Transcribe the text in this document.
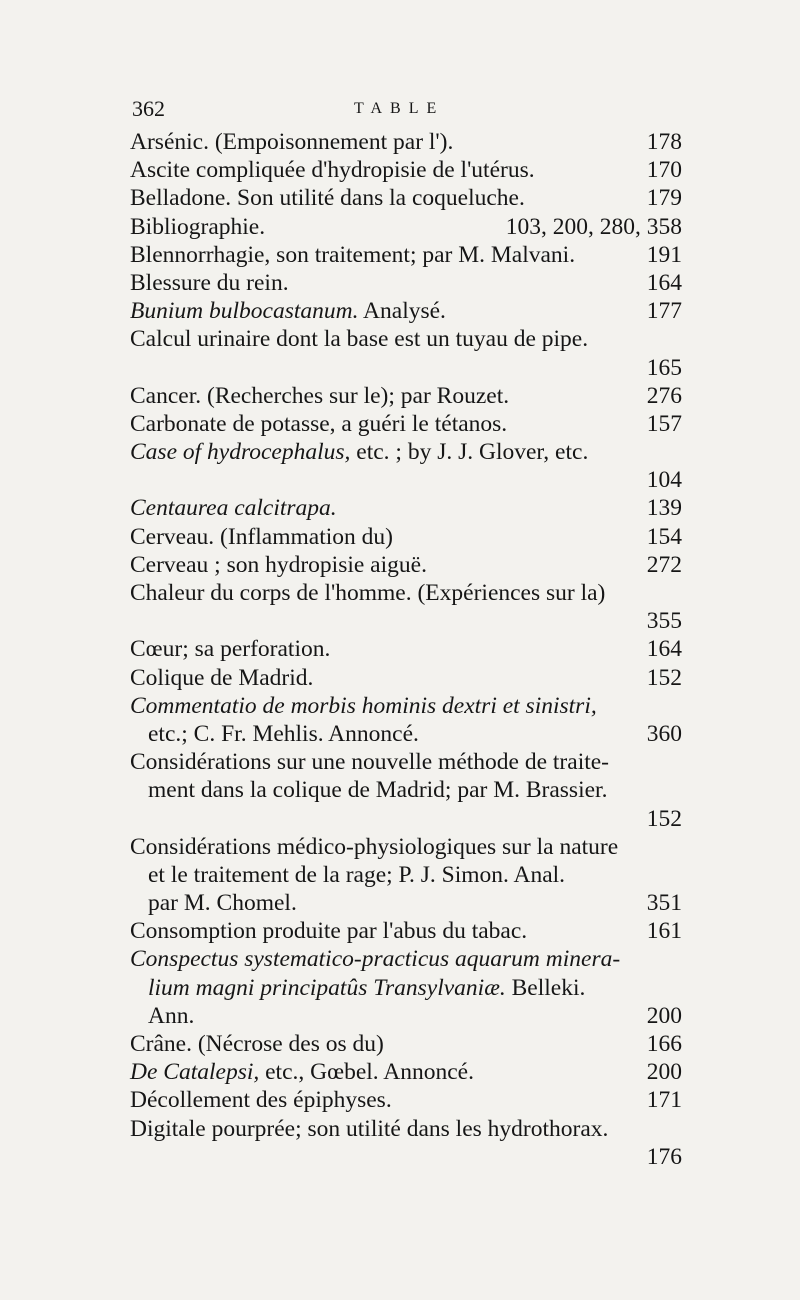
362	TABLE
Arsénic. (Empoisonnement par l').	178
Ascite compliquée d'hydropisie de l'utérus.	170
Belladone. Son utilité dans la coqueluche.	179
Bibliographie.	103, 200, 280, 358
Blennorrhagie, son traitement; par M. Malvani.	191
Blessure du rein.	164
Bunium bulbocastanum. Analysé.	177
Calcul urinaire dont la base est un tuyau de pipe.
165
Cancer. (Recherches sur le); par Rouzet.	276
Carbonate de potasse, a guéri le tétanos.	157
Case of hydrocephalus, etc. ; by J. J. Glover, etc.
104
Centaurea calcitrapa.	139
Cerveau. (Inflammation du)	154
Cerveau ; son hydropisie aiguë.	272
Chaleur du corps de l'homme. (Expériences sur la)
355
Cœur; sa perforation.	164
Colique de Madrid.	152
Commentatio de morbis hominis dextri et sinistri,
etc.; C. Fr. Mehlis. Annoncé.	360
Considérations sur une nouvelle méthode de traite-
ment dans la colique de Madrid; par M. Brassier.
152
Considérations médico-physiologiques sur la nature
et le traitement de la rage; P. J. Simon. Anal.
par M. Chomel.	351
Consomption produite par l'abus du tabac.	161
Conspectus systematico-practicus aquarum minera-
lium magni principatûs Transylvaniæ. Belleki.
Ann.	200
Crâne. (Nécrose des os du)	166
De Catalepsi, etc., Gœbel. Annoncé.	200
Décollement des épiphyses.	171
Digitale pourprée; son utilité dans les hydrothorax.
176
